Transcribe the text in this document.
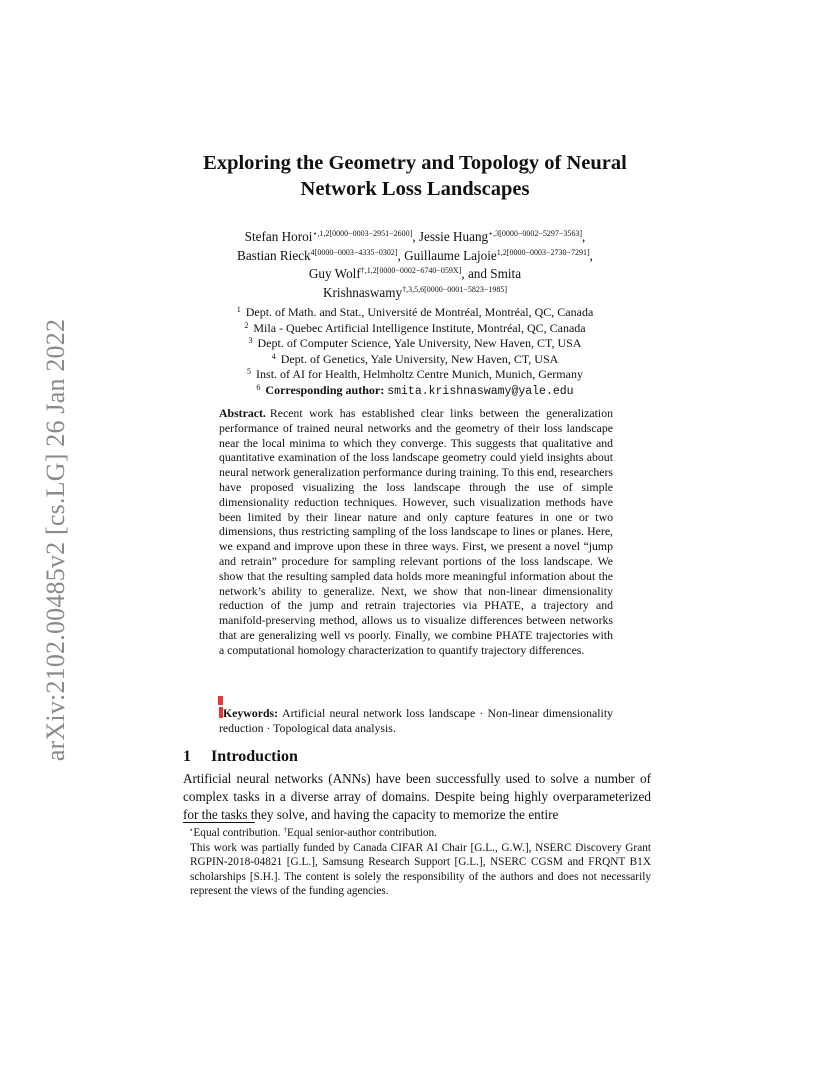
arXiv:2102.00485v2 [cs.LG] 26 Jan 2022
Exploring the Geometry and Topology of Neural
Network Loss Landscapes
Stefan Horoi$^{⋆,1,2[0000-0003-2951-2600]}$, Jessie Huang$^{⋆,3[0000-0002-5297-3563]}$,
Bastian Rieck$^{4[0000-0003-4335-0302]}$, Guillaume Lajoie$^{1,2[0000-0003-2730-7291]}$,
Guy Wolf$^{\dagger,1,2[0000-0002-6740-059X]}$, and Smita
Krishnaswamy$^{\dagger,3,5,6[0000-0001-5823-1985]}$
$^1$ Dept. of Math. and Stat., Université de Montréal, Montréal, QC, Canada
$^2$ Mila - Quebec Artificial Intelligence Institute, Montréal, QC, Canada
$^3$ Dept. of Computer Science, Yale University, New Haven, CT, USA
$^4$ Dept. of Genetics, Yale University, New Haven, CT, USA
$^5$ Inst. of AI for Health, Helmholtz Centre Munich, Munich, Germany
$^6$ Corresponding author: smita.krishnaswamy@yale.edu
Abstract. Recent work has established clear links between the generalization performance of trained neural networks and the geometry of their loss landscape near the local minima to which they converge. This suggests that qualitative and quantitative examination of the loss landscape geometry could yield insights about neural network generalization performance during training. To this end, researchers have proposed visualizing the loss landscape through the use of simple dimensionality reduction techniques. However, such visualization methods have been limited by their linear nature and only capture features in one or two dimensions, thus restricting sampling of the loss landscape to lines or planes. Here, we expand and improve upon these in three ways. First, we present a novel “jump and retrain” procedure for sampling relevant portions of the loss landscape. We show that the resulting sampled data holds more meaningful information about the network’s ability to generalize. Next, we show that non-linear dimensionality reduction of the jump and retrain trajectories via PHATE, a trajectory and manifold-preserving method, allows us to visualize differences between networks that are generalizing well vs poorly. Finally, we combine PHATE trajectories with a computational homology characterization to quantify trajectory differences.
Keywords: Artificial neural network loss landscape · Non-linear dimensionality reduction · Topological data analysis.
1 Introduction
Artificial neural networks (ANNs) have been successfully used to solve a number of complex tasks in a diverse array of domains. Despite being highly overparameterized for the tasks they solve, and having the capacity to memorize the entire

⋆Equal contribution. †Equal senior-author contribution.

This work was partially funded by Canada CIFAR AI Chair [G.L., G.W.], NSERC Discovery Grant RGPIN-2018-04821 [G.L.], Samsung Research Support [G.L.], NSERC CGSM and FRQNT B1X scholarships [S.H.]. The content is solely the responsibility of the authors and does not necessarily represent the views of the funding agencies.
